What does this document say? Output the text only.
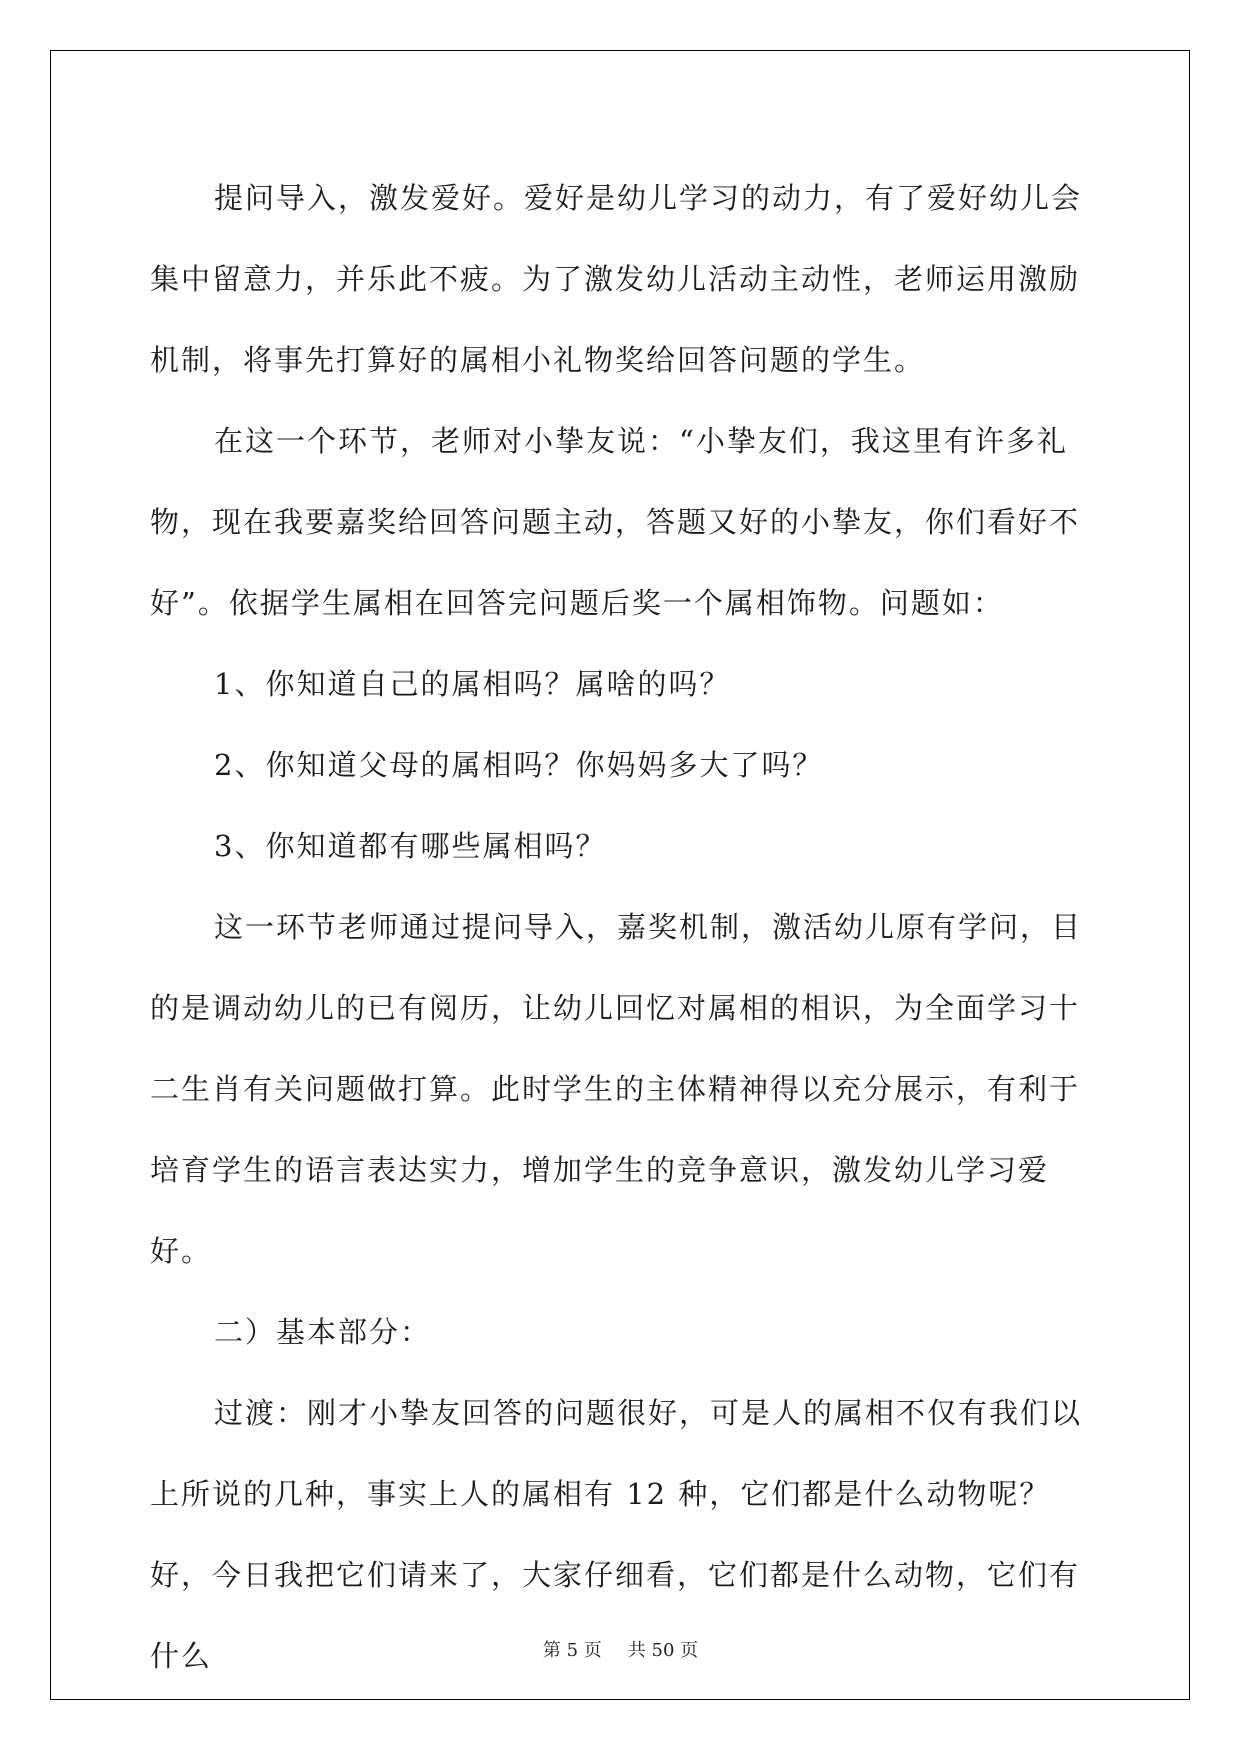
提问导入，激发爱好。爱好是幼儿学习的动力，有了爱好幼儿会集中留意力，并乐此不疲。为了激发幼儿活动主动性，老师运用激励机制，将事先打算好的属相小礼物奖给回答问题的学生。

在这一个环节，老师对小挚友说：“小挚友们，我这里有许多礼物，现在我要嘉奖给回答问题主动，答题又好的小挚友，你们看好不好”。依据学生属相在回答完问题后奖一个属相饰物。问题如：

1、你知道自己的属相吗？属啥的吗？

2、你知道父母的属相吗？你妈妈多大了吗？

3、你知道都有哪些属相吗？

这一环节老师通过提问导入，嘉奖机制，激活幼儿原有学问，目的是调动幼儿的已有阅历，让幼儿回忆对属相的相识，为全面学习十二生肖有关问题做打算。此时学生的主体精神得以充分展示，有利于培育学生的语言表达实力，增加学生的竞争意识，激发幼儿学习爱好。

二）基本部分：

过渡：刚才小挚友回答的问题很好，可是人的属相不仅有我们以上所说的几种，事实上人的属相有 12 种，它们都是什么动物呢？好，今日我把它们请来了，大家仔细看，它们都是什么动物，它们有什么	第 5 页 共 50 页
